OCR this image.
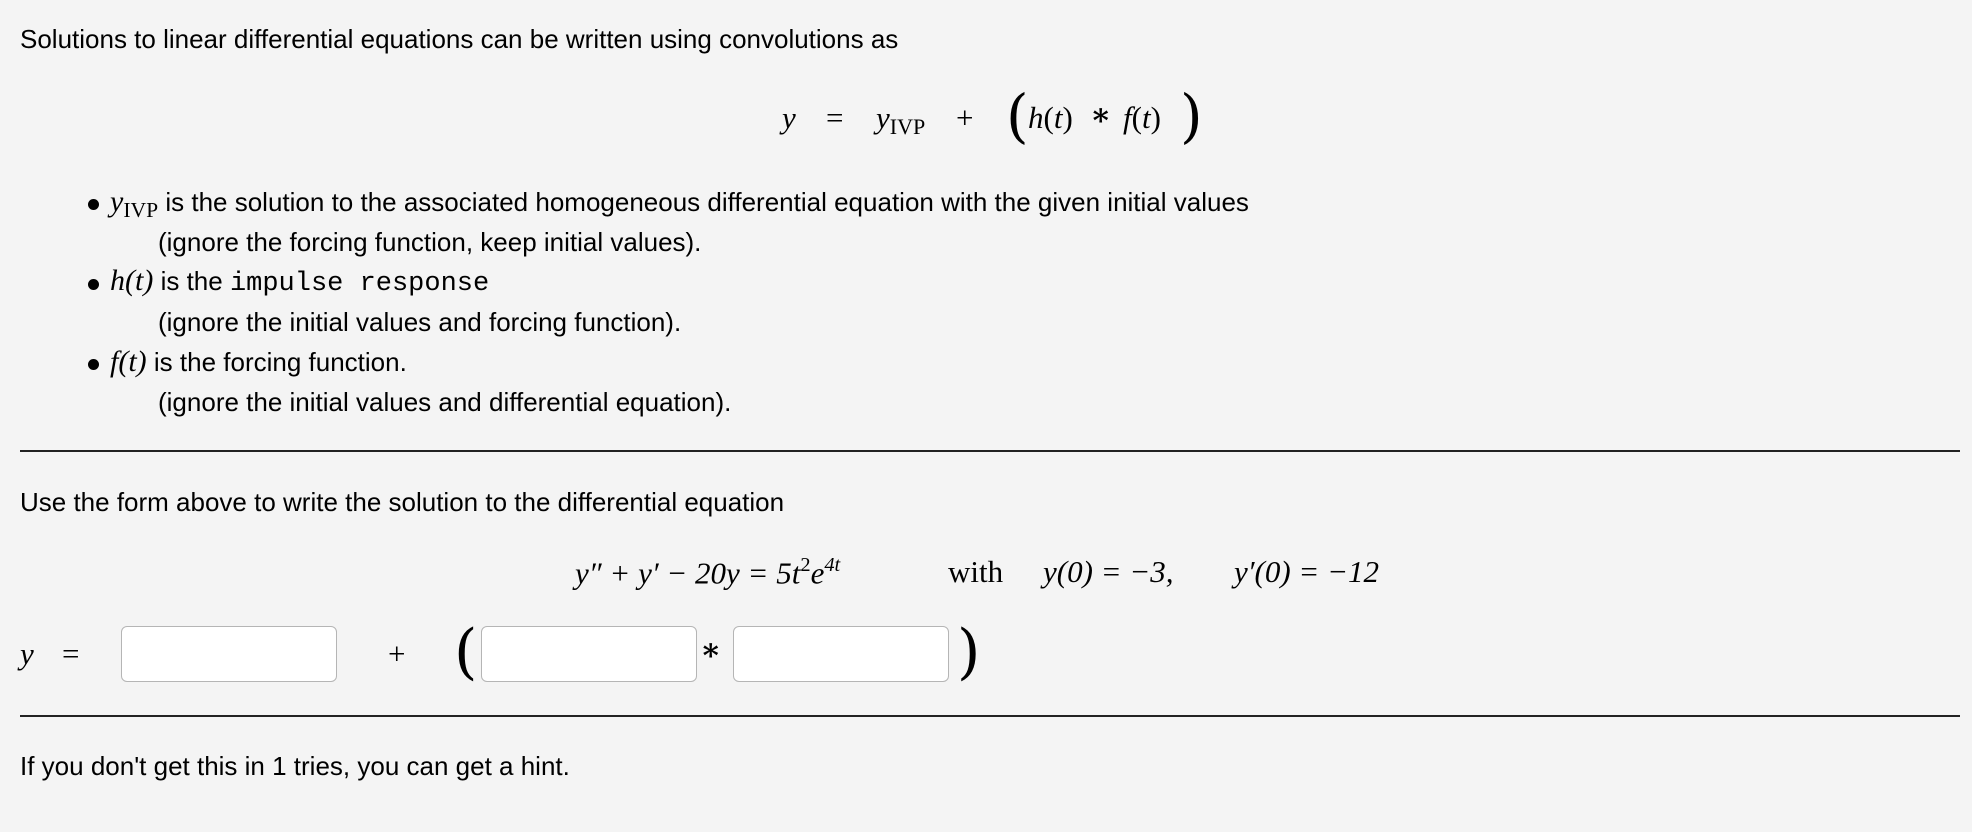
Solutions to linear differential equations can be written using convolutions as
$y = y_{IVP}$ + ( h(t) ∗ f(t) )
$y_{IVP}$ is the solution to the associated homogeneous differential equation with the given initial values
(ignore the forcing function, keep initial values).
h(t) is the impulse response
(ignore the initial values and forcing function).
f(t) is the forcing function.
(ignore the initial values and differential equation).
Use the form above to write the solution to the differential equation
$y'' + y' - 20y = 5t^2e^{4t}$	with y(0) = −3, y′(0) = −12
y =	+ (	∗	)
If you don't get this in 1 tries, you can get a hint.
